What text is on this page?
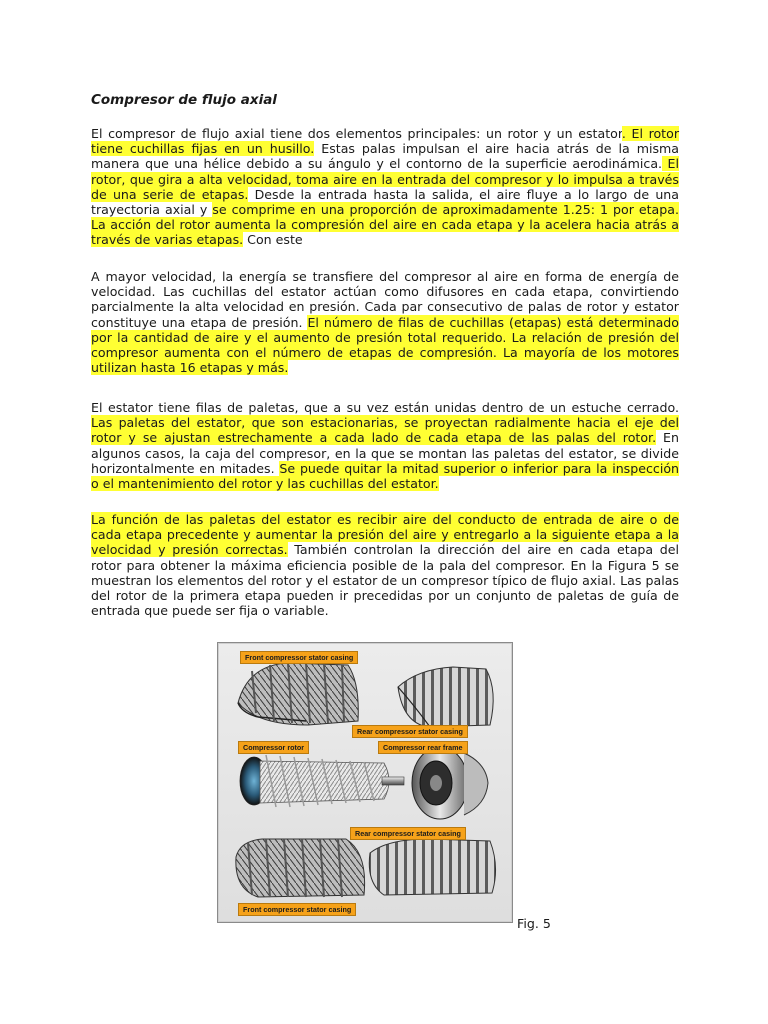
Compresor de flujo axial

El compresor de flujo axial tiene dos elementos principales: un rotor y un estator. El rotor tiene cuchillas fijas en un husillo. Estas palas impulsan el aire hacia atrás de la misma manera que una hélice debido a su ángulo y el contorno de la superficie aerodinámica. El rotor, que gira a alta velocidad, toma aire en la entrada del compresor y lo impulsa a través de una serie de etapas. Desde la entrada hasta la salida, el aire fluye a lo largo de una trayectoria axial y se comprime en una proporción de aproximadamente 1.25: 1 por etapa. La acción del rotor aumenta la compresión del aire en cada etapa y la acelera hacia atrás a través de varias etapas. Con este

A mayor velocidad, la energía se transfiere del compresor al aire en forma de energía de velocidad. Las cuchillas del estator actúan como difusores en cada etapa, convirtiendo parcialmente la alta velocidad en presión. Cada par consecutivo de palas de rotor y estator constituye una etapa de presión. El número de filas de cuchillas (etapas) está determinado por la cantidad de aire y el aumento de presión total requerido. La relación de presión del compresor aumenta con el número de etapas de compresión. La mayoría de los motores utilizan hasta 16 etapas y más.

El estator tiene filas de paletas, que a su vez están unidas dentro de un estuche cerrado. Las paletas del estator, que son estacionarias, se proyectan radialmente hacia el eje del rotor y se ajustan estrechamente a cada lado de cada etapa de las palas del rotor. En algunos casos, la caja del compresor, en la que se montan las paletas del estator, se divide horizontalmente en mitades. Se puede quitar la mitad superior o inferior para la inspección o el mantenimiento del rotor y las cuchillas del estator.

La función de las paletas del estator es recibir aire del conducto de entrada de aire o de cada etapa precedente y aumentar la presión del aire y entregarlo a la siguiente etapa a la velocidad y presión correctas. También controlan la dirección del aire en cada etapa del rotor para obtener la máxima eficiencia posible de la pala del compresor. En la Figura 5 se muestran los elementos del rotor y el estator de un compresor típico de flujo axial. Las palas del rotor de la primera etapa pueden ir precedidas por un conjunto de paletas de guía de entrada que puede ser fija o variable.

Front compressor stator casing
Rear compressor stator casing
Compressor rotor	Compressor rear frame
Rear compressor stator casing
Front compressor stator casing
Fig. 5
